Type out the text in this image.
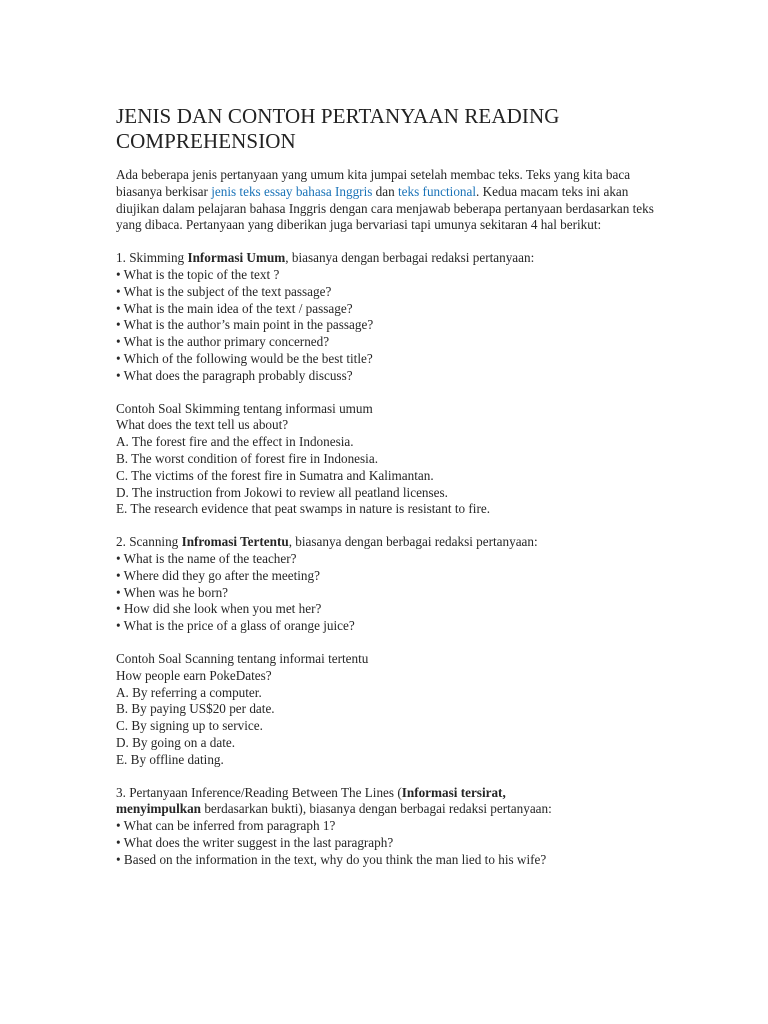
JENIS DAN CONTOH PERTANYAAN READING COMPREHENSION

Ada beberapa jenis pertanyaan yang umum kita jumpai setelah membac teks. Teks yang kita baca biasanya berkisar jenis teks essay bahasa Inggris dan teks functional. Kedua macam teks ini akan diujikan dalam pelajaran bahasa Inggris dengan cara menjawab beberapa pertanyaan berdasarkan teks yang dibaca. Pertanyaan yang diberikan juga bervariasi tapi umunya sekitaran 4 hal berikut:

1. Skimming Informasi Umum, biasanya dengan berbagai redaksi pertanyaan:
• What is the topic of the text ?
• What is the subject of the text passage?
• What is the main idea of the text / passage?
• What is the author’s main point in the passage?
• What is the author primary concerned?
• Which of the following would be the best title?
• What does the paragraph probably discuss?
Contoh Soal Skimming tentang informasi umum
What does the text tell us about?
A. The forest fire and the effect in Indonesia.
B. The worst condition of forest fire in Indonesia.
C. The victims of the forest fire in Sumatra and Kalimantan.
D. The instruction from Jokowi to review all peatland licenses.
E. The research evidence that peat swamps in nature is resistant to fire.
2. Scanning Infromasi Tertentu, biasanya dengan berbagai redaksi pertanyaan:
• What is the name of the teacher?
• Where did they go after the meeting?
• When was he born?
• How did she look when you met her?
• What is the price of a glass of orange juice?
Contoh Soal Scanning tentang informai tertentu
How people earn PokeDates?
A. By referring a computer.
B. By paying US$20 per date.
C. By signing up to service.
D. By going on a date.
E. By offline dating.
3. Pertanyaan Inference/Reading Between The Lines (Informasi tersirat,
menyimpulkan berdasarkan bukti), biasanya dengan berbagai redaksi pertanyaan:
• What can be inferred from paragraph 1?
• What does the writer suggest in the last paragraph?
• Based on the information in the text, why do you think the man lied to his wife?
